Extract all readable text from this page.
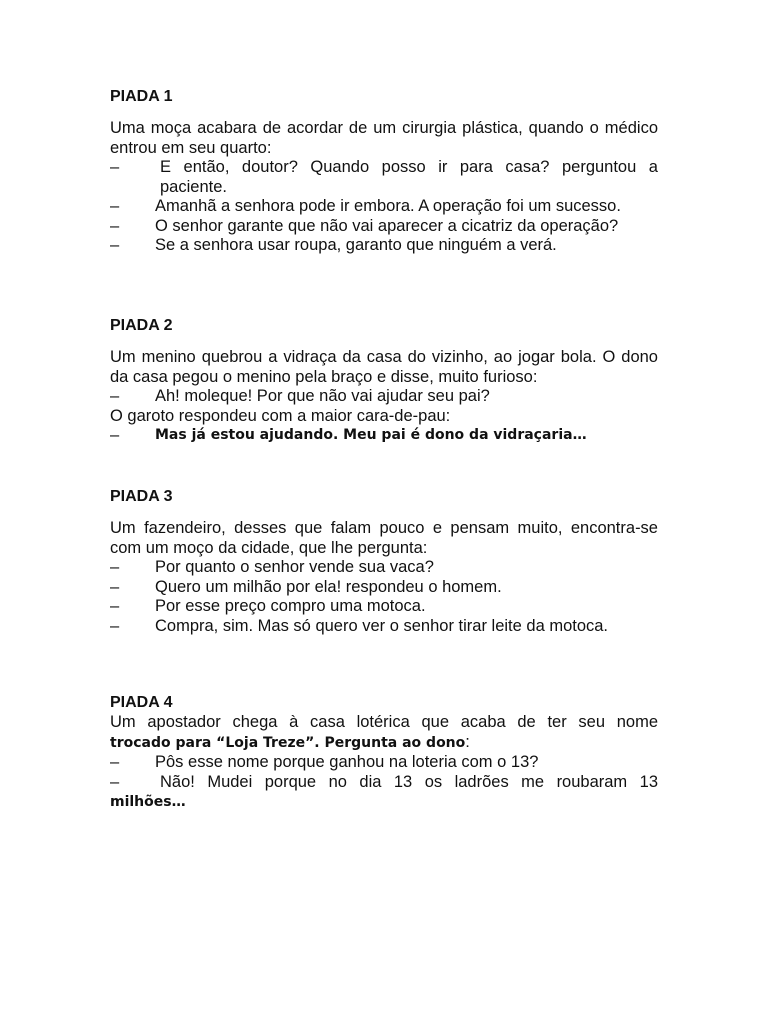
PIADA 1

Uma moça acabara de acordar de um cirurgia plástica, quando o médico entrou em seu quarto:

–	E então, doutor? Quando posso ir para casa? perguntou a paciente.
–	Amanhã a senhora pode ir embora. A operação foi um sucesso.
–	O senhor garante que não vai aparecer a cicatriz da operação?
–	Se a senhora usar roupa, garanto que ninguém a verá.

PIADA 2

Um menino quebrou a vidraça da casa do vizinho, ao jogar bola. O dono da casa pegou o menino pela braço e disse, muito furioso:

–	Ah! moleque! Por que não vai ajudar seu pai?

O garoto respondeu com a maior cara-de-pau:

–	Mas já estou ajudando. Meu pai é dono da vidraçaria…

PIADA 3

Um fazendeiro, desses que falam pouco e pensam muito, encontra-se com um moço da cidade, que lhe pergunta:

–	Por quanto o senhor vende sua vaca?
–	Quero um milhão por ela! respondeu o homem.
–	Por esse preço compro uma motoca.
–	Compra, sim. Mas só quero ver o senhor tirar leite da motoca.

PIADA 4

Um apostador chega à casa lotérica que acaba de ter seu nome

trocado para “Loja Treze”. Pergunta ao dono:

–	Pôs esse nome porque ganhou na loteria com o 13?
–	Não! Mudei porque no dia 13 os ladrões me roubaram 13

milhões…
